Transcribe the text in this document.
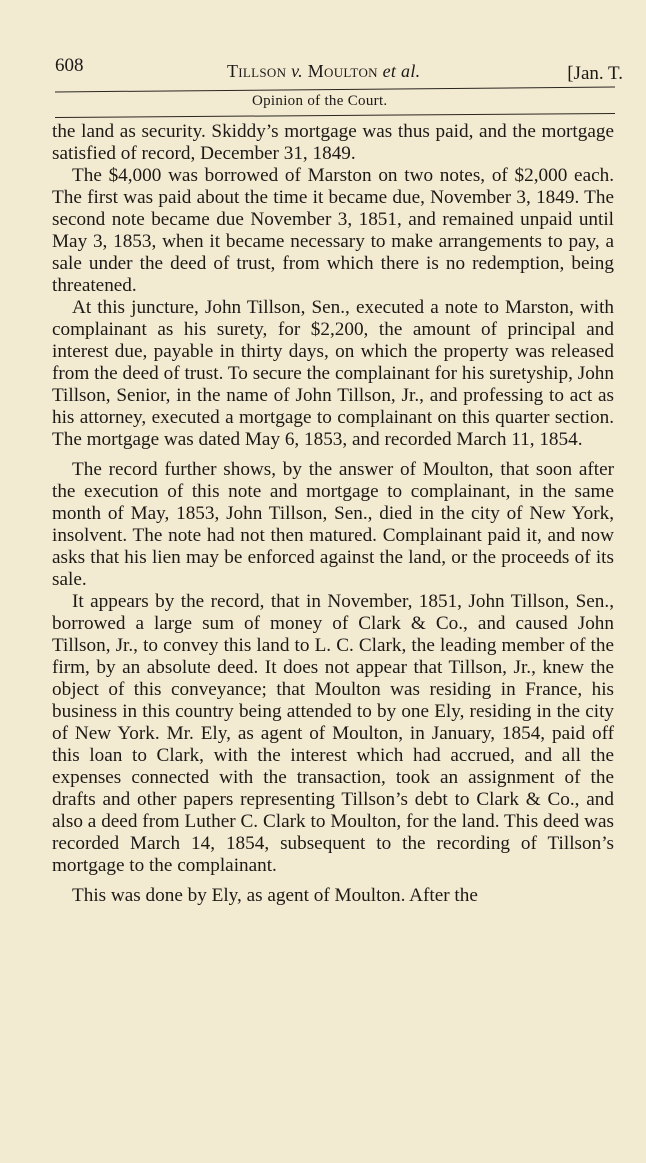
608	Tillson v. Moulton et al.	[Jan. T.
Opinion of the Court.

the land as security. Skiddy’s mortgage was thus paid, and the mortgage satisfied of record, December 31, 1849.

The $4,000 was borrowed of Marston on two notes, of $2,000 each. The first was paid about the time it became due, November 3, 1849. The second note became due November 3, 1851, and remained unpaid until May 3, 1853, when it became necessary to make arrangements to pay, a sale under the deed of trust, from which there is no redemption, being threatened.

At this juncture, John Tillson, Sen., executed a note to Marston, with complainant as his surety, for $2,200, the amount of principal and interest due, payable in thirty days, on which the property was released from the deed of trust. To secure the complainant for his suretyship, John Tillson, Senior, in the name of John Tillson, Jr., and professing to act as his attorney, executed a mortgage to complainant on this quarter section. The mortgage was dated May 6, 1853, and recorded March 11, 1854.

The record further shows, by the answer of Moulton, that soon after the execution of this note and mortgage to complainant, in the same month of May, 1853, John Tillson, Sen., died in the city of New York, insolvent. The note had not then matured. Complainant paid it, and now asks that his lien may be enforced against the land, or the proceeds of its sale.

It appears by the record, that in November, 1851, John Tillson, Sen., borrowed a large sum of money of Clark & Co., and caused John Tillson, Jr., to convey this land to L. C. Clark, the leading member of the firm, by an absolute deed. It does not appear that Tillson, Jr., knew the object of this conveyance; that Moulton was residing in France, his business in this country being attended to by one Ely, residing in the city of New York. Mr. Ely, as agent of Moulton, in January, 1854, paid off this loan to Clark, with the interest which had accrued, and all the expenses connected with the transaction, took an assignment of the drafts and other papers representing Tillson’s debt to Clark & Co., and also a deed from Luther C. Clark to Moulton, for the land. This deed was recorded March 14, 1854, subsequent to the recording of Tillson’s mortgage to the complainant.

This was done by Ely, as agent of Moulton. After the
